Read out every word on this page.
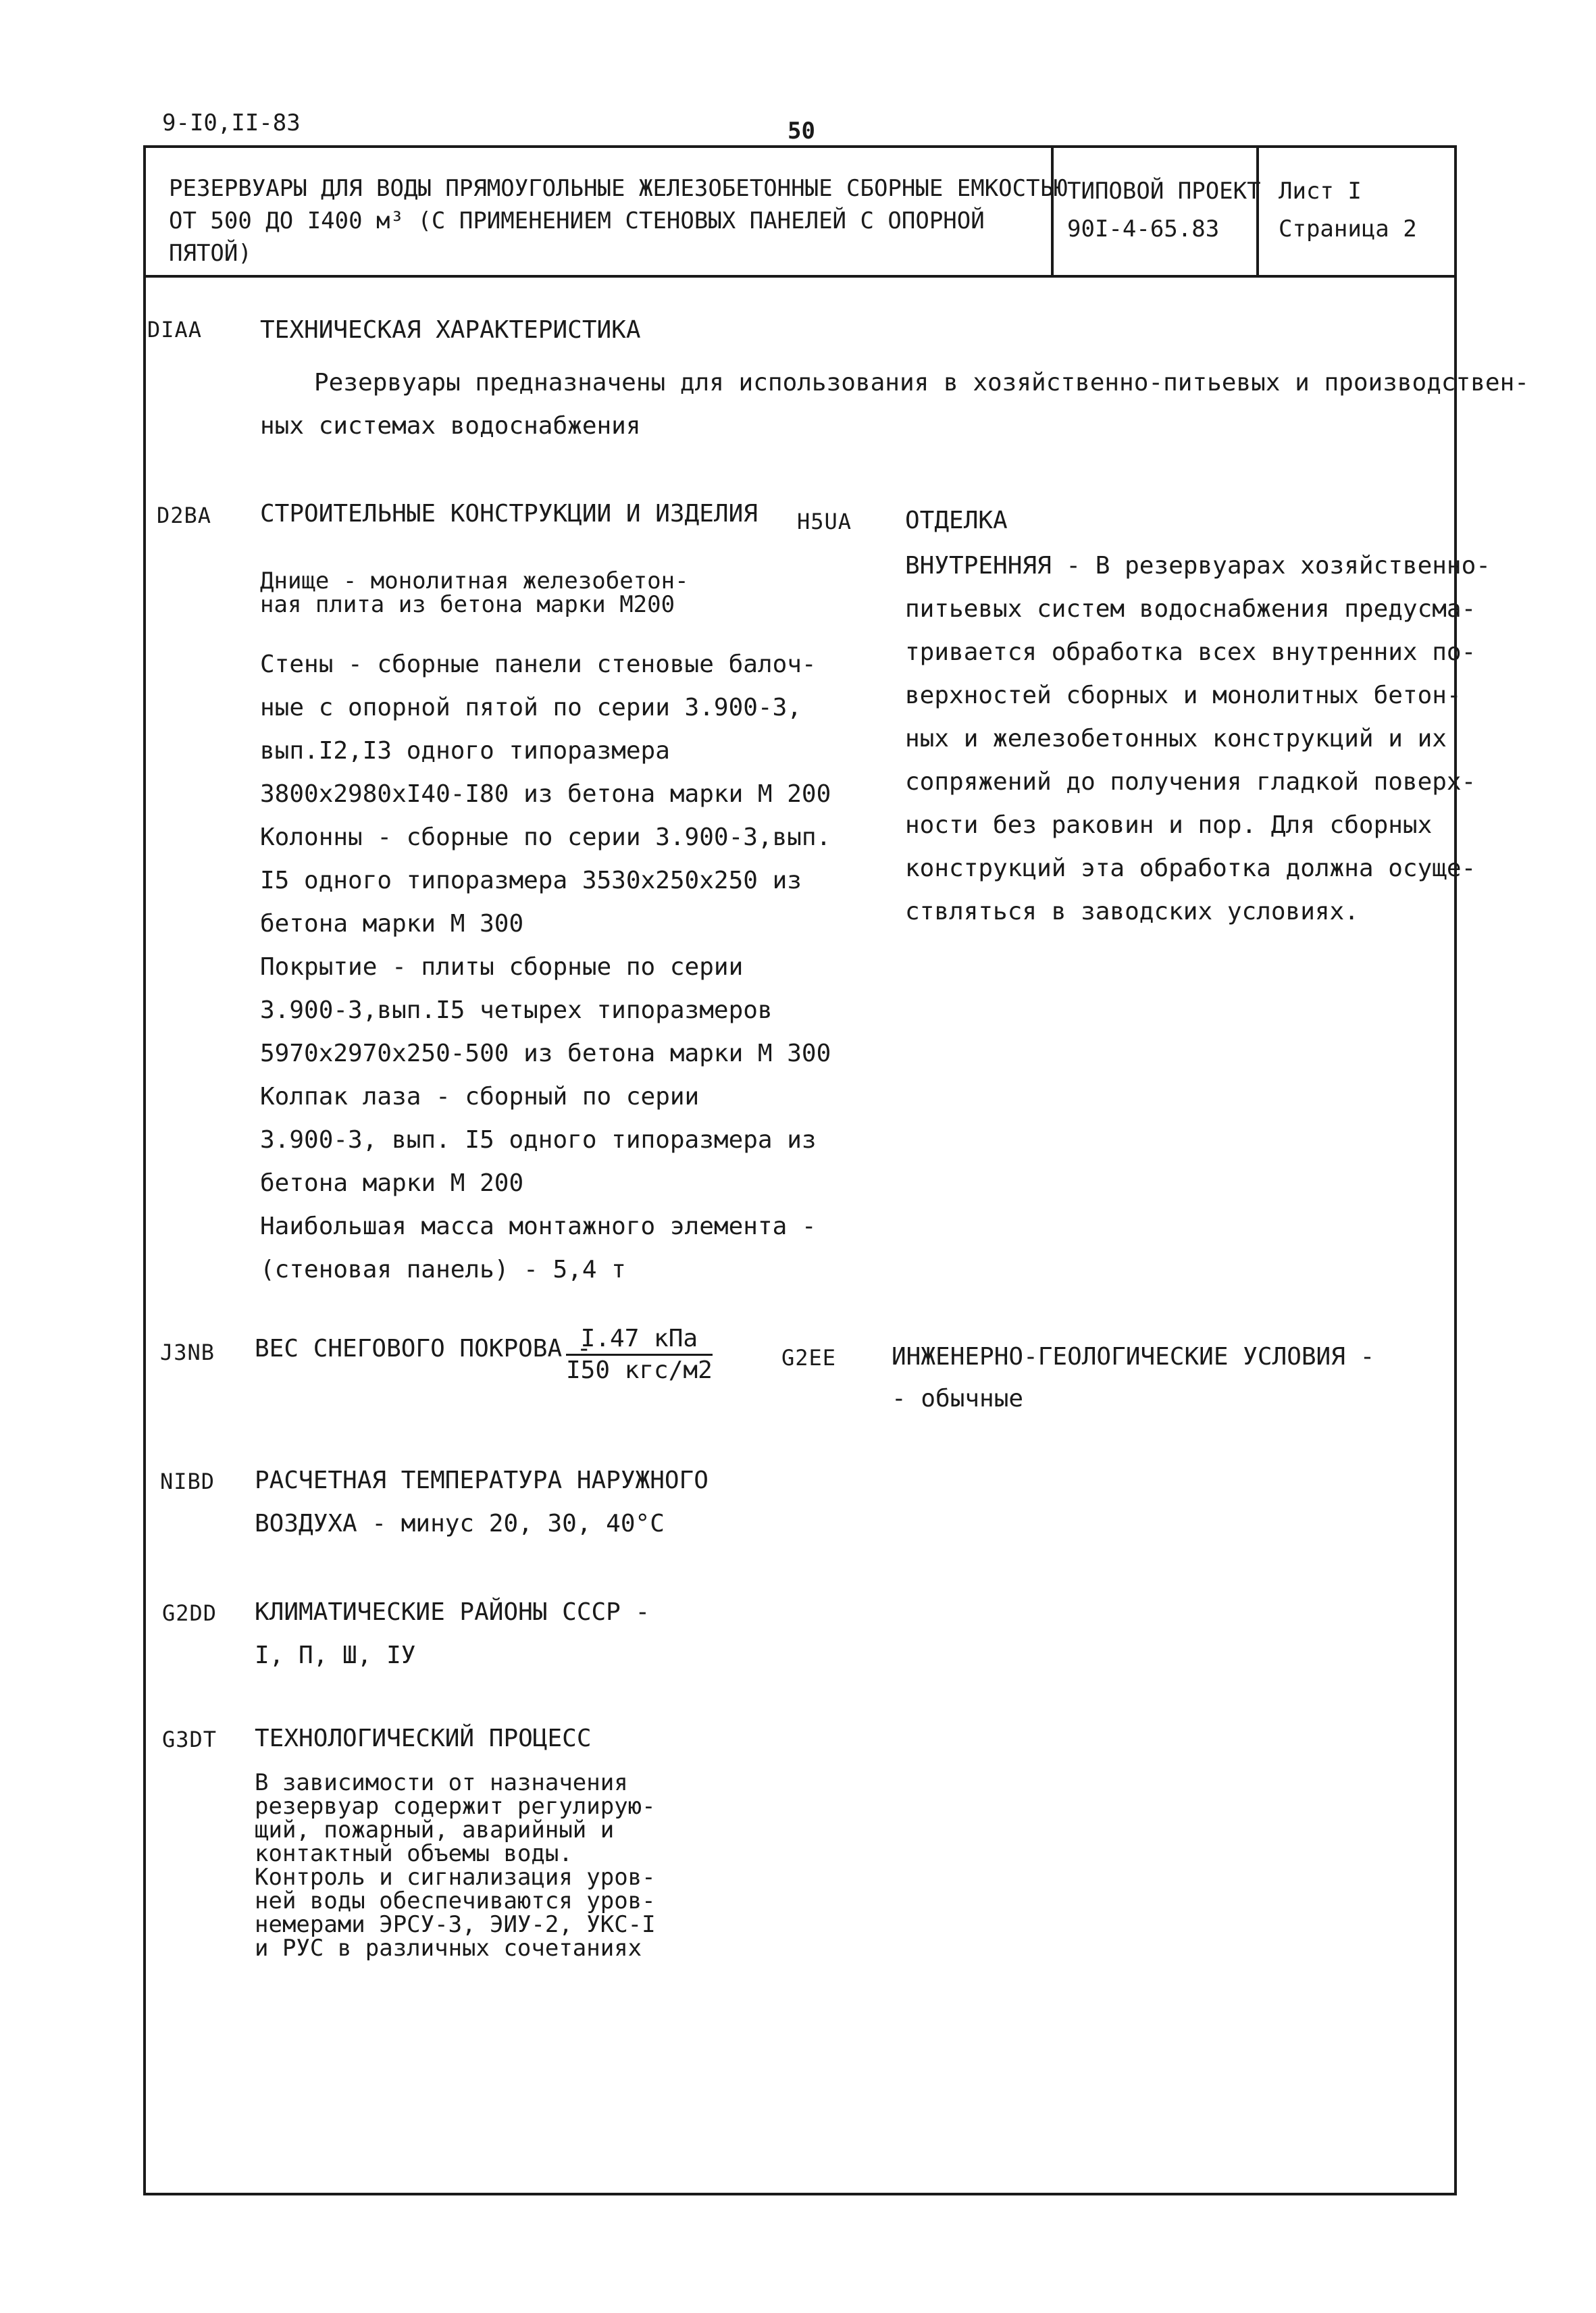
9-I0,II-83	50
РЕЗЕРВУАРЫ ДЛЯ ВОДЫ ПРЯМОУГОЛЬНЫЕ ЖЕЛЕЗОБЕТОННЫЕ СБОРНЫЕ ЕМКОСТЬЮ
ОТ 500 ДО I400 м³ (С ПРИМЕНЕНИЕМ СТЕНОВЫХ ПАНЕЛЕЙ С ОПОРНОЙ
ПЯТОЙ)
ТИПОВОЙ ПРОЕКТ
90I-4-65.83
Лист I
Страница 2
DIAA ТЕХНИЧЕСКАЯ ХАРАКТЕРИСТИКА
Резервуары предназначены для использования в хозяйственно-питьевых и производствен-
ных системах водоснабжения
D2BA СТРОИТЕЛЬНЫЕ КОНСТРУКЦИИ И ИЗДЕЛИЯ
Днище - монолитная железобетон-
ная плита из бетона марки М200
Стены - сборные панели стеновые балоч-
ные с опорной пятой по серии 3.900-3,
вып.I2,I3 одного типоразмера
3800х2980хI40-I80 из бетона марки М 200
Колонны - сборные по серии 3.900-3,вып.
I5 одного типоразмера 3530х250х250 из
бетона марки М 300
Покрытие - плиты сборные по серии
3.900-3,вып.I5 четырех типоразмеров
5970х2970х250-500 из бетона марки М 300
Колпак лаза - сборный по серии
3.900-3, вып. I5 одного типоразмера из
бетона марки М 200
Наибольшая масса монтажного элемента -
(стеновая панель) - 5,4 т
H5UA ОТДЕЛКА
ВНУТРЕННЯЯ - В резервуарах хозяйственно-
питьевых систем водоснабжения предусма-
тривается обработка всех внутренних по-
верхностей сборных и монолитных бетон-
ных и железобетонных конструкций и их
сопряжений до получения гладкой поверх-
ности без раковин и пор. Для сборных
конструкций эта обработка должна осуще-
ствляться в заводских условиях.
J3NB ВЕС СНЕГОВОГО ПОКРОВА -
I.47 кПа
I50 кгс/м2	G2EE ИНЖЕНЕРНО-ГЕОЛОГИЧЕСКИЕ УСЛОВИЯ -
- обычные
NIBD РАСЧЕТНАЯ ТЕМПЕРАТУРА НАРУЖНОГО
ВОЗДУХА - минус 20, 30, 40°С
G2DD КЛИМАТИЧЕСКИЕ РАЙОНЫ СССР -
I, П, Ш, IУ
G3DT ТЕХНОЛОГИЧЕСКИЙ ПРОЦЕСС
В зависимости от назначения
резервуар содержит регулирую-
щий, пожарный, аварийный и
контактный объемы воды.
Контроль и сигнализация уров-
ней воды обеспечиваются уров-
немерами ЭРСУ-3, ЭИУ-2, УКС-I
и РУС в различных сочетаниях
